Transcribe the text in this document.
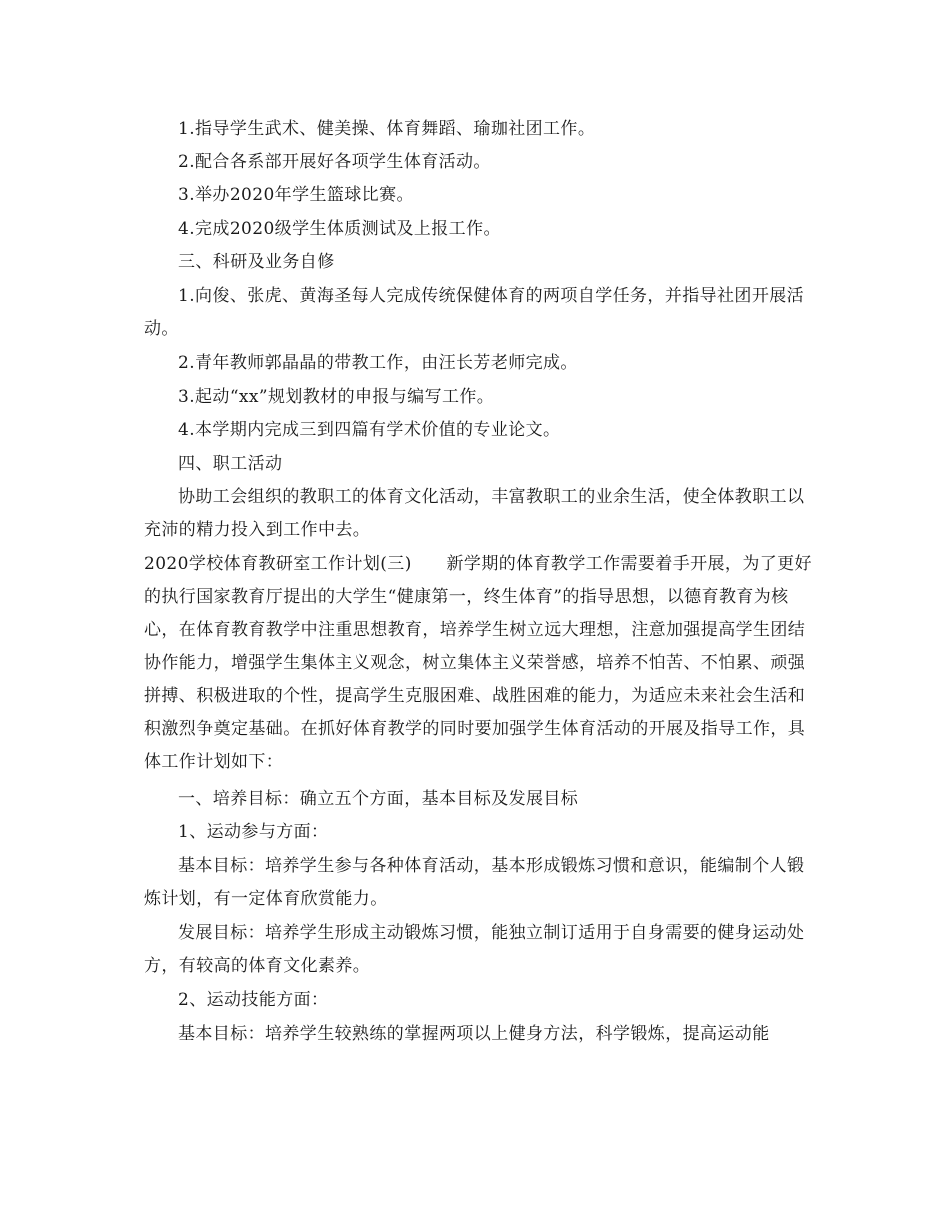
1.指导学生武术、健美操、体育舞蹈、瑜珈社团工作。

2.配合各系部开展好各项学生体育活动。

3.举办2020年学生篮球比赛。

4.完成2020级学生体质测试及上报工作。

三、科研及业务自修

1.向俊、张虎、黄海圣每人完成传统保健体育的两项自学任务，并指导社团开展活动。

2.青年教师郭晶晶的带教工作，由汪长芳老师完成。

3.起动“xx”规划教材的申报与编写工作。

4.本学期内完成三到四篇有学术价值的专业论文。

四、职工活动

协助工会组织的教职工的体育文化活动，丰富教职工的业余生活，使全体教职工以充沛的精力投入到工作中去。

2020学校体育教研室工作计划(三)　　新学期的体育教学工作需要着手开展，为了更好的执行国家教育厅提出的大学生“健康第一，终生体育”的指导思想，以德育教育为核心，在体育教育教学中注重思想教育，培养学生树立远大理想，注意加强提高学生团结协作能力，增强学生集体主义观念，树立集体主义荣誉感，培养不怕苦、不怕累、顽强拼搏、积极进取的个性，提高学生克服困难、战胜困难的能力，为适应未来社会生活和积激烈争奠定基础。在抓好体育教学的同时要加强学生体育活动的开展及指导工作，具体工作计划如下：

一、培养目标：确立五个方面，基本目标及发展目标

1、运动参与方面：

基本目标：培养学生参与各种体育活动，基本形成锻炼习惯和意识，能编制个人锻炼计划，有一定体育欣赏能力。

发展目标：培养学生形成主动锻炼习惯，能独立制订适用于自身需要的健身运动处方，有较高的体育文化素养。

2、运动技能方面：

基本目标：培养学生较熟练的掌握两项以上健身方法，科学锻炼，提高运动能
